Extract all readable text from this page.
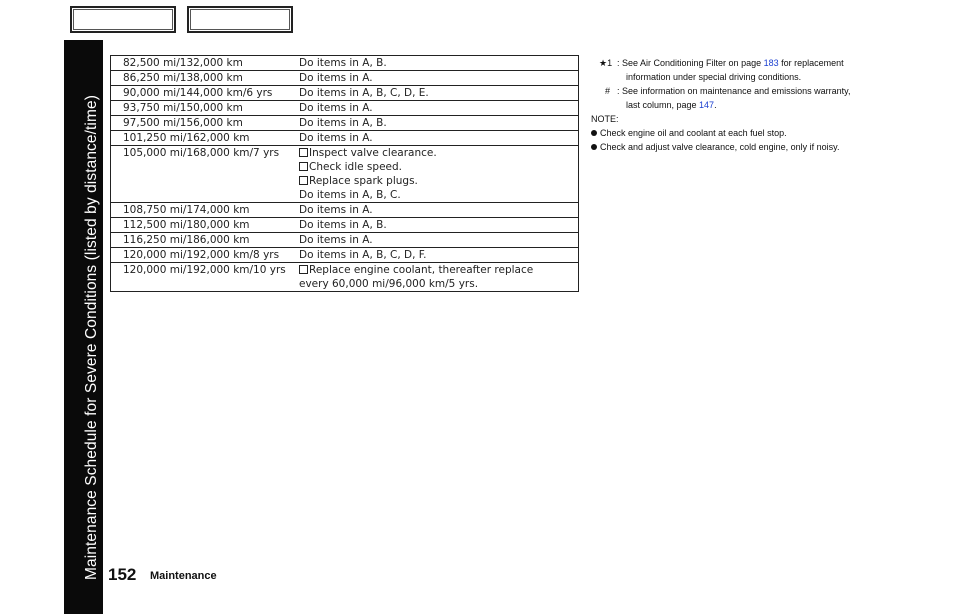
Maintenance Schedule for Severe Conditions (listed by distance/time)
82,500 mi/132,000 km	Do items in A, B.

86,250 mi/138,000 km	Do items in A.

90,000 mi/144,000 km/6 yrs	Do items in A, B, C, D, E.

93,750 mi/150,000 km	Do items in A.

97,500 mi/156,000 km	Do items in A, B.

101,250 mi/162,000 km	Do items in A.

105,000 mi/168,000 km/7 yrs	Inspect valve clearance.
Check idle speed.
Replace spark plugs.
Do items in A, B, C.

108,750 mi/174,000 km	Do items in A.

112,500 mi/180,000 km	Do items in A, B.

116,250 mi/186,000 km	Do items in A.

120,000 mi/192,000 km/8 yrs	Do items in A, B, C, D, F.

120,000 mi/192,000 km/10 yrs	Replace engine coolant, thereafter replace
every 60,000 mi/96,000 km/5 yrs.
★1 : See Air Conditioning Filter on page 183 for replacement
information under special driving conditions.
# : See information on maintenance and emissions warranty,
last column, page 147.
NOTE:
Check engine oil and coolant at each fuel stop.
Check and adjust valve clearance, cold engine, only if noisy.
152 Maintenance
